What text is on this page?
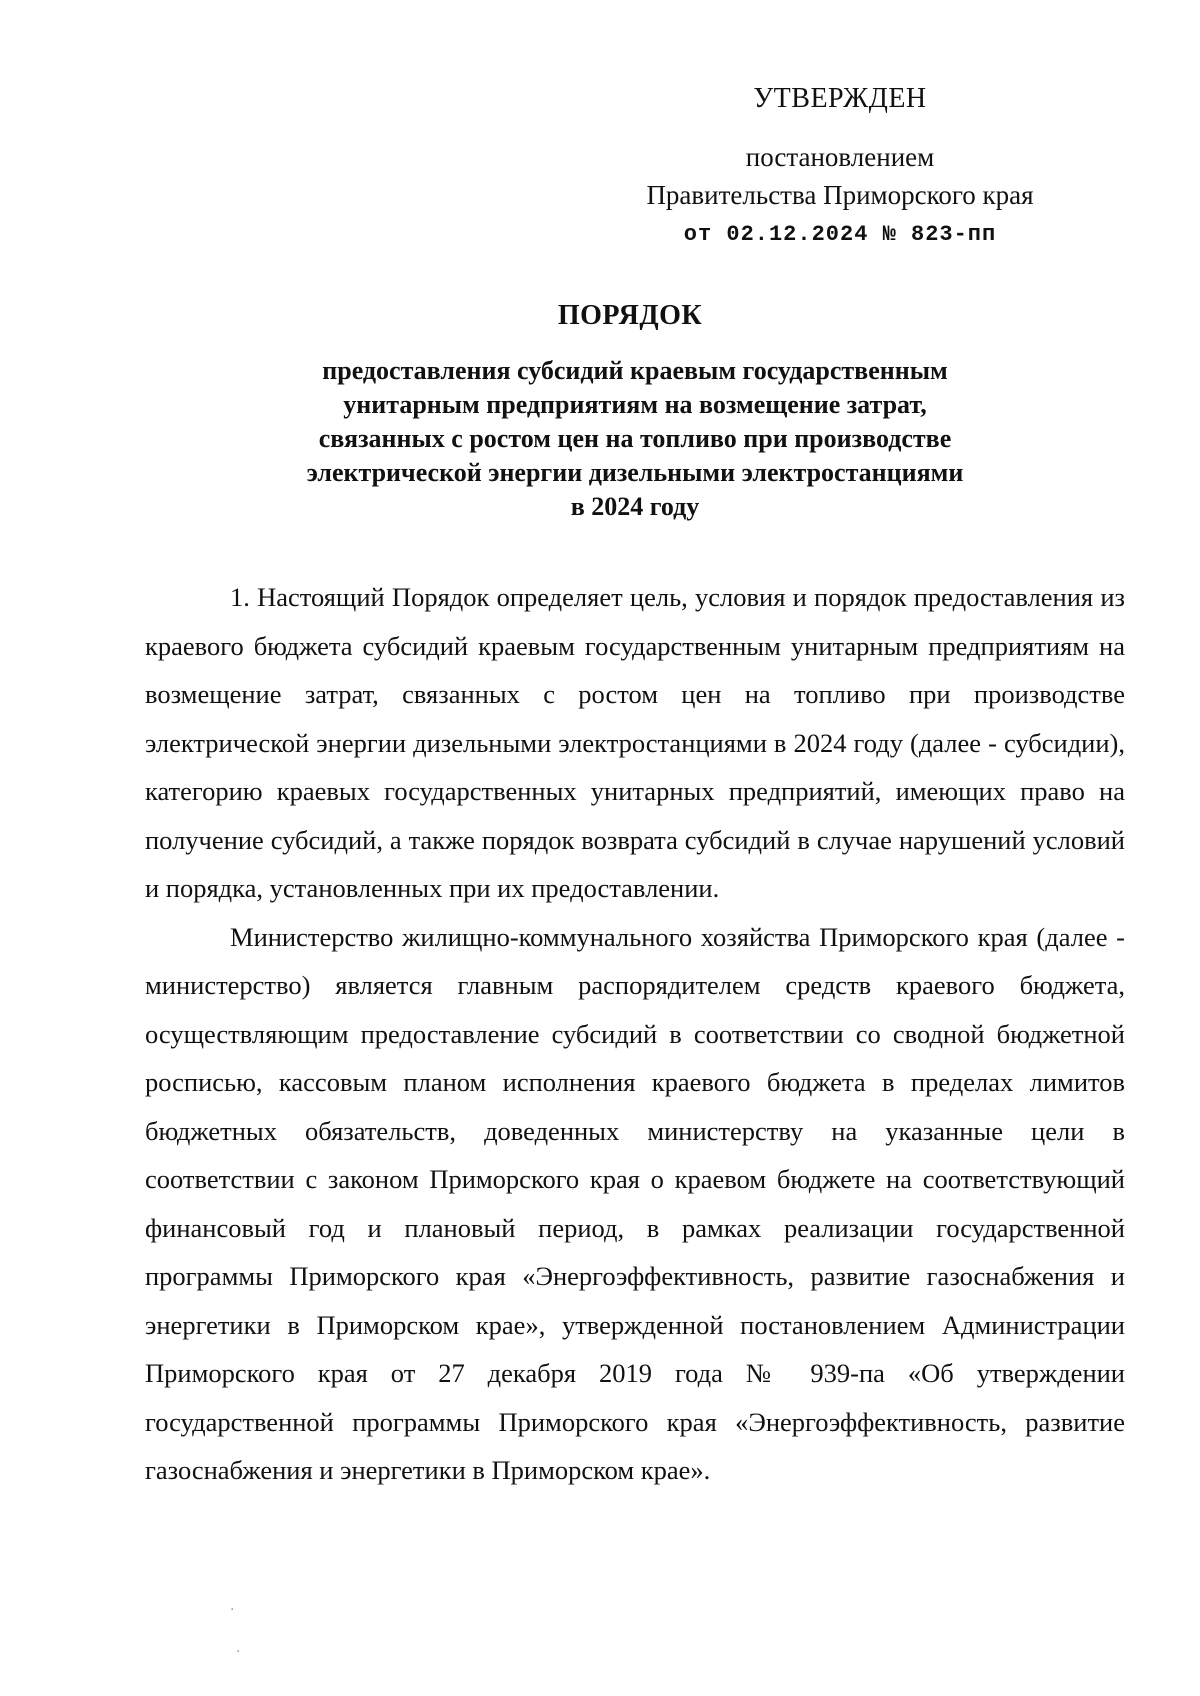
УТВЕРЖДЕН
постановлением
Правительства Приморского края
от 02.12.2024 № 823-пп
ПОРЯДОК
предоставления субсидий краевым государственным
унитарным предприятиям на возмещение затрат,
связанных с ростом цен на топливо при производстве
электрической энергии дизельными электростанциями
в 2024 году

1. Настоящий Порядок определяет цель, условия и порядок предоставления из краевого бюджета субсидий краевым государственным унитарным предприятиям на возмещение затрат, связанных с ростом цен на топливо при производстве электрической энергии дизельными электростанциями в 2024 году (далее - субсидии), категорию краевых государственных унитарных предприятий, имеющих право на получение субсидий, а также порядок возврата субсидий в случае нарушений условий и порядка, установленных при их предоставлении.

Министерство жилищно-коммунального хозяйства Приморского края (далее - министерство) является главным распорядителем средств краевого бюджета, осуществляющим предоставление субсидий в соответствии со сводной бюджетной росписью, кассовым планом исполнения краевого бюджета в пределах лимитов бюджетных обязательств, доведенных министерству на указанные цели в соответствии с законом Приморского края о краевом бюджете на соответствующий финансовый год и плановый период, в рамках реализации государственной программы Приморского края «Энергоэффективность, развитие газоснабжения и энергетики в Приморском крае», утвержденной постановлением Администрации Приморского края от 27 декабря 2019 года № 939-па «Об утверждении государственной программы Приморского края «Энергоэффективность, развитие газоснабжения и энергетики в Приморском крае».

.
.
